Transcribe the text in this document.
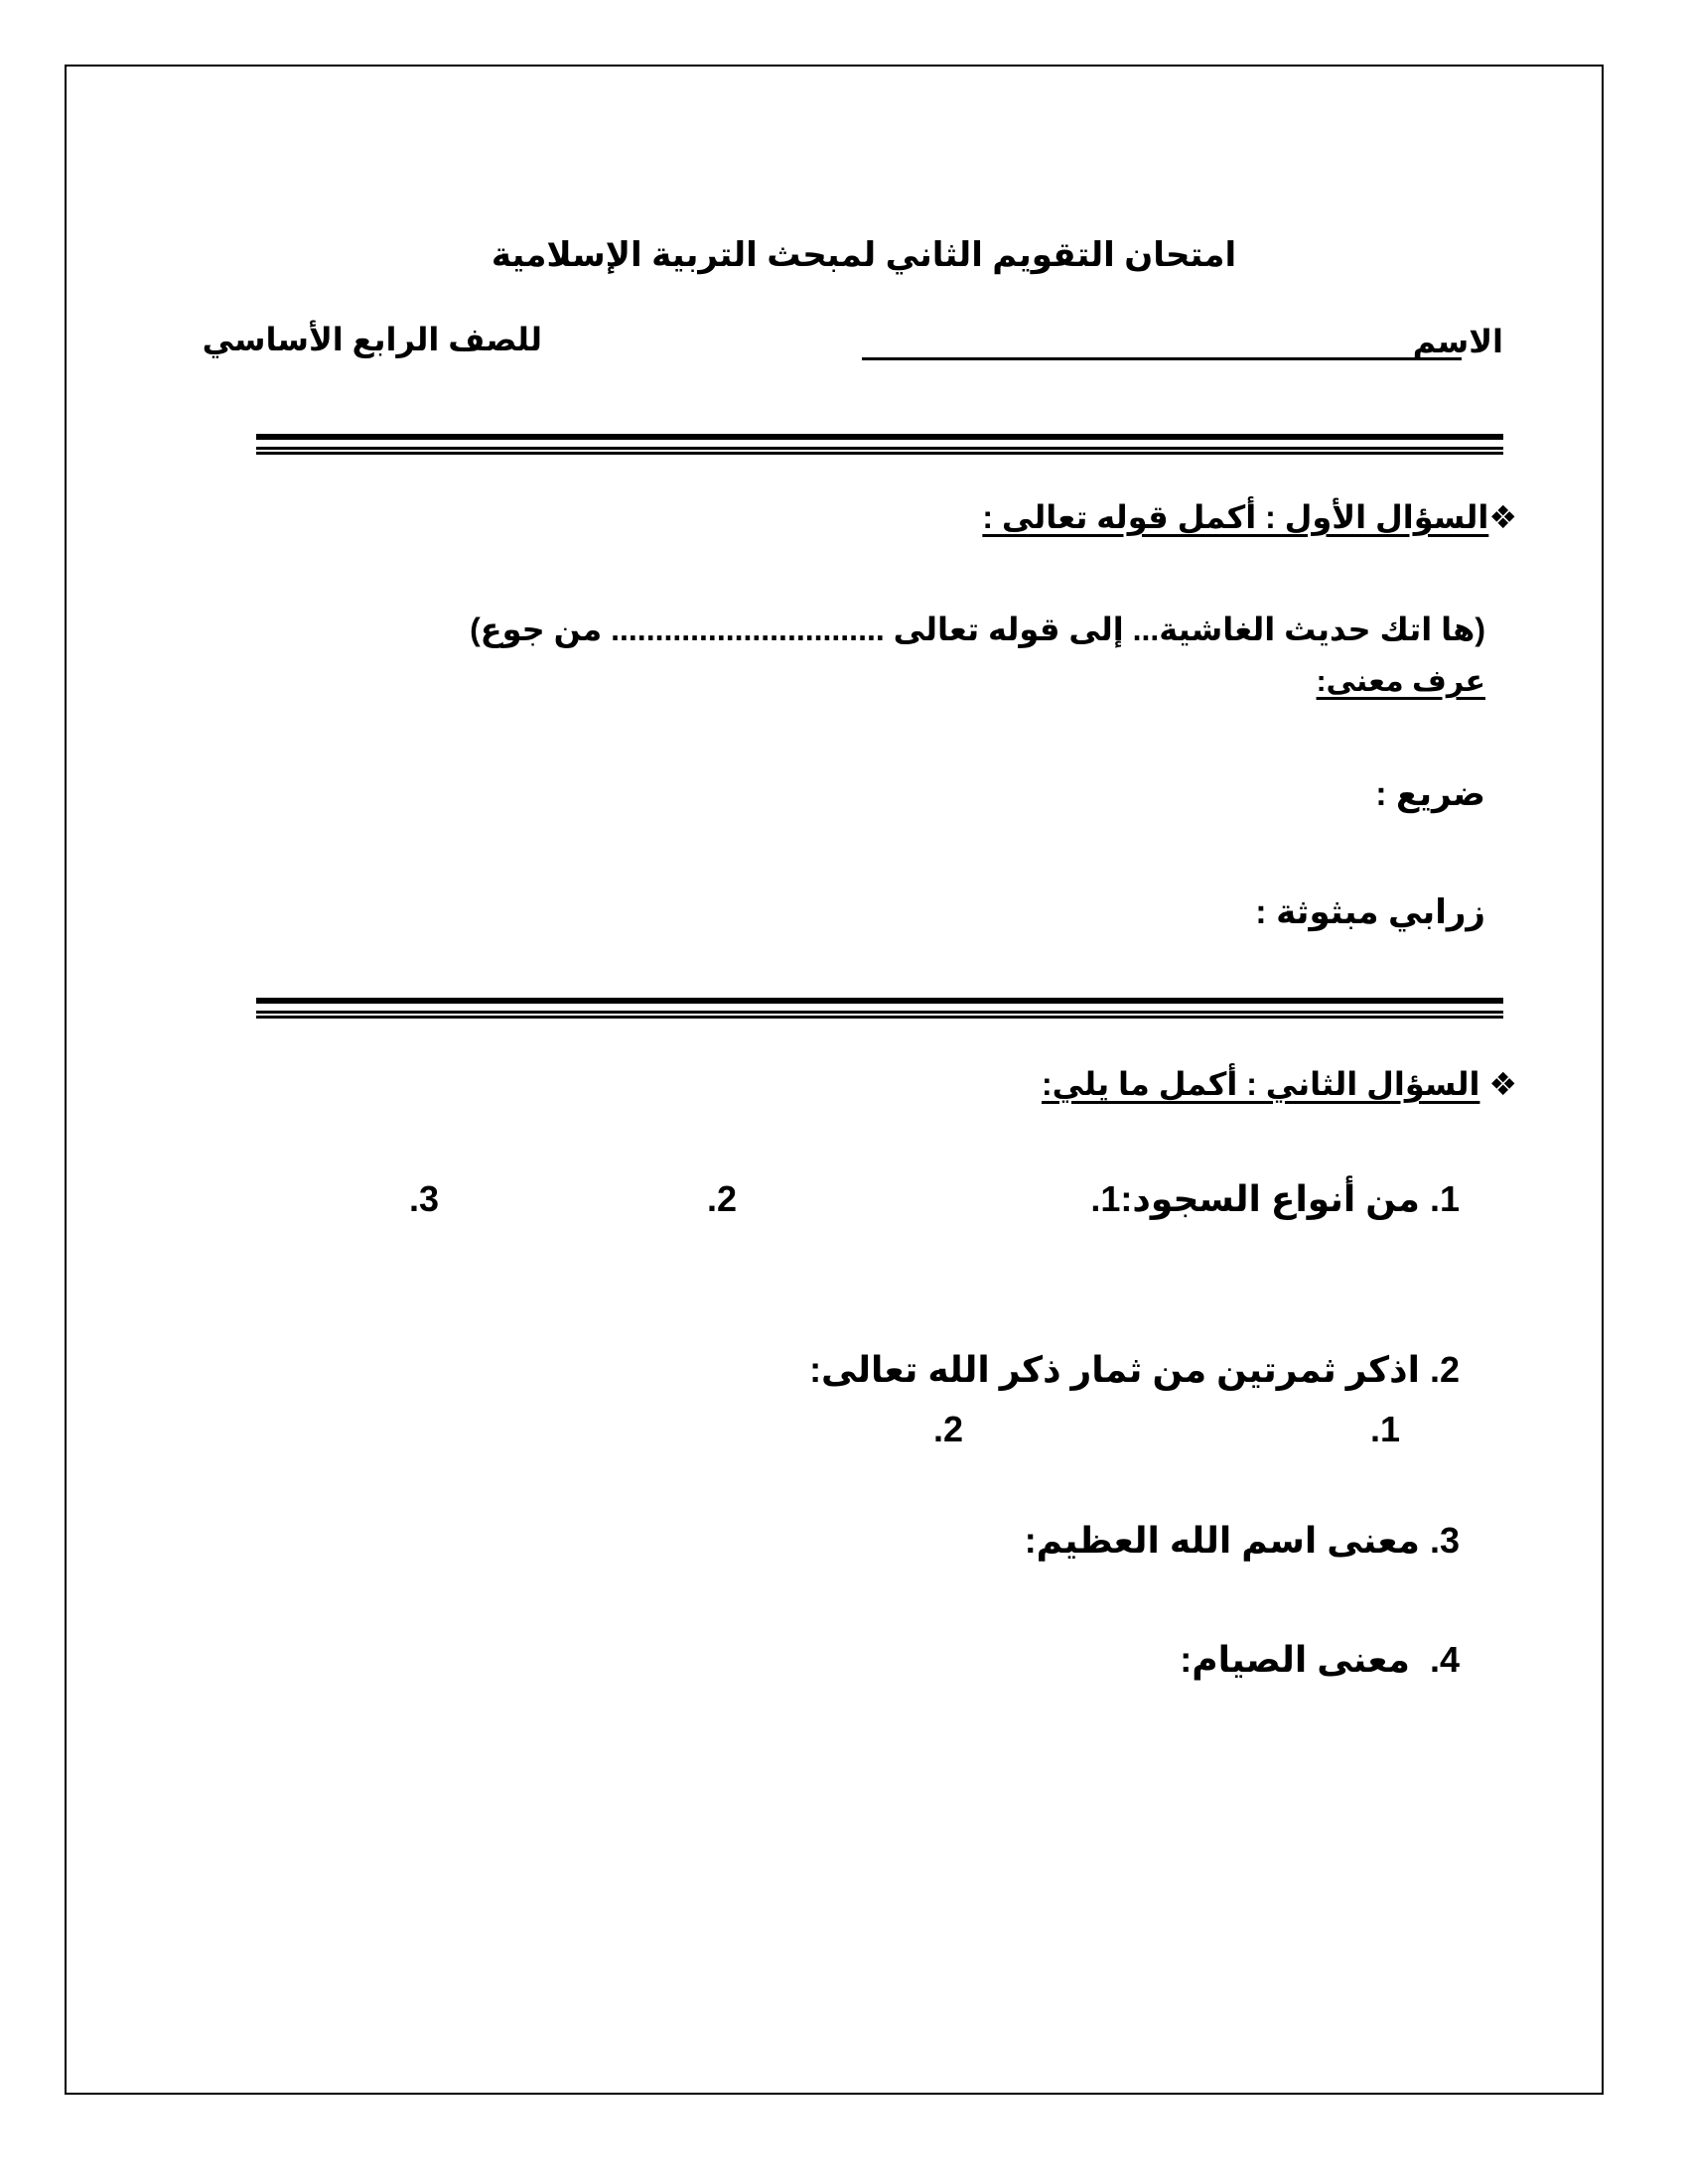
امتحان التقويم الثاني لمبحث التربية الإسلامية
الاسم
للصف الرابع الأساسي
❖السؤال الأول : أكمل قوله تعالى :
(ها اتك حديث الغاشية... إلى قوله تعالى ............................... من جوع)
عرف معنى:
ضريع :
زرابي مبثوثة :
❖ السؤال الثاني : أكمل ما يلي:
1. من أنواع السجود:1.
.2
.3
2. اذكر ثمرتين من ثمار ذكر الله تعالى:
.1
.2
3. معنى اسم الله العظيم:
4.  معنى الصيام:
